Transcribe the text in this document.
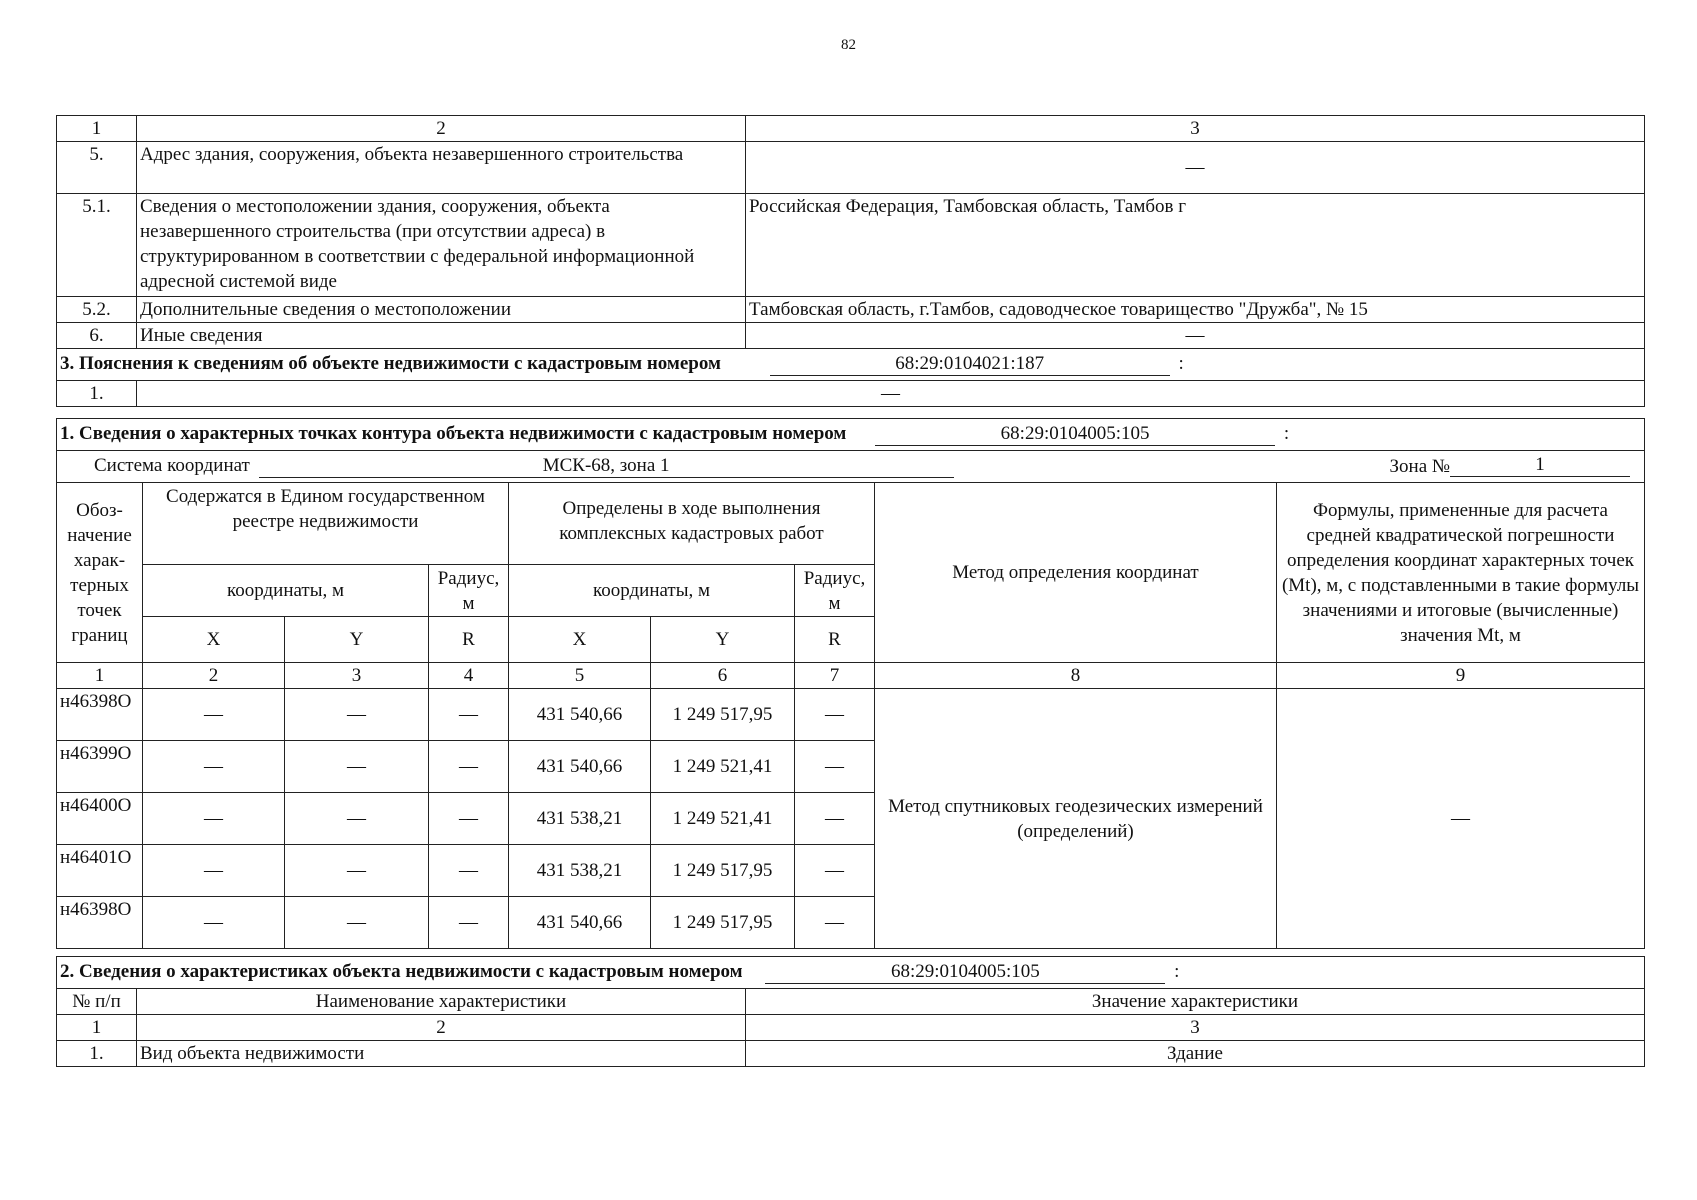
82
1	2	3
5.	Адрес здания, сооружения, объекта незавершенного строительства	—
5.1.	Сведения о местоположении здания, сооружения, объекта незавершенного строительства (при отсутствии адреса) в структурированном в соответствии с федеральной информационной адресной системой виде	Российская Федерация, Тамбовская область, Тамбов г
5.2.	Дополнительные сведения о местоположении	Тамбовская область, г.Тамбов, садоводческое товарищество "Дружба", № 15
6.	Иные сведения	—
3. Пояснения к сведениям об объекте недвижимости с кадастровым номером 68:29:0104021:187 :		
1.	—	
1. Сведения о характерных точках контура объекта недвижимости с кадастровым номером 68:29:0104005:105 :								
Система координат МСК-68, зона 1 Зона № 1								

Обоз-начение харак-терных точек границ	Содержатся в Едином государственном реестре недвижимости			Определены в ходе выполнения комплексных кадастровых работ			Метод определения координат	Формулы, примененные для расчета средней квадратической погрешности определения координат характерных точек (Mt), м, с подставленными в такие формулы значениями и итоговые (вычисленные) значения Mt, м
	координаты, м		Радиус, м	координаты, м		Радиус, м		
	X	Y	R	X	Y	R		
1	2	3	4	5	6	7	8	9
н46398О	—	—	—	431 540,66	1 249 517,95	—	Метод спутниковых геодезических измерений (определений)	—
н46399О	—	—	—	431 540,66	1 249 521,41	—		
н46400О	—	—	—	431 538,21	1 249 521,41	—		
н46401О	—	—	—	431 538,21	1 249 517,95	—		
н46398О	—	—	—	431 540,66	1 249 517,95	—		
2. Сведения о характеристиках объекта недвижимости с кадастровым номером 68:29:0104005:105 :		
№ п/п	Наименование характеристики	Значение характеристики
1	2	3
1.	Вид объекта недвижимости	Здание
